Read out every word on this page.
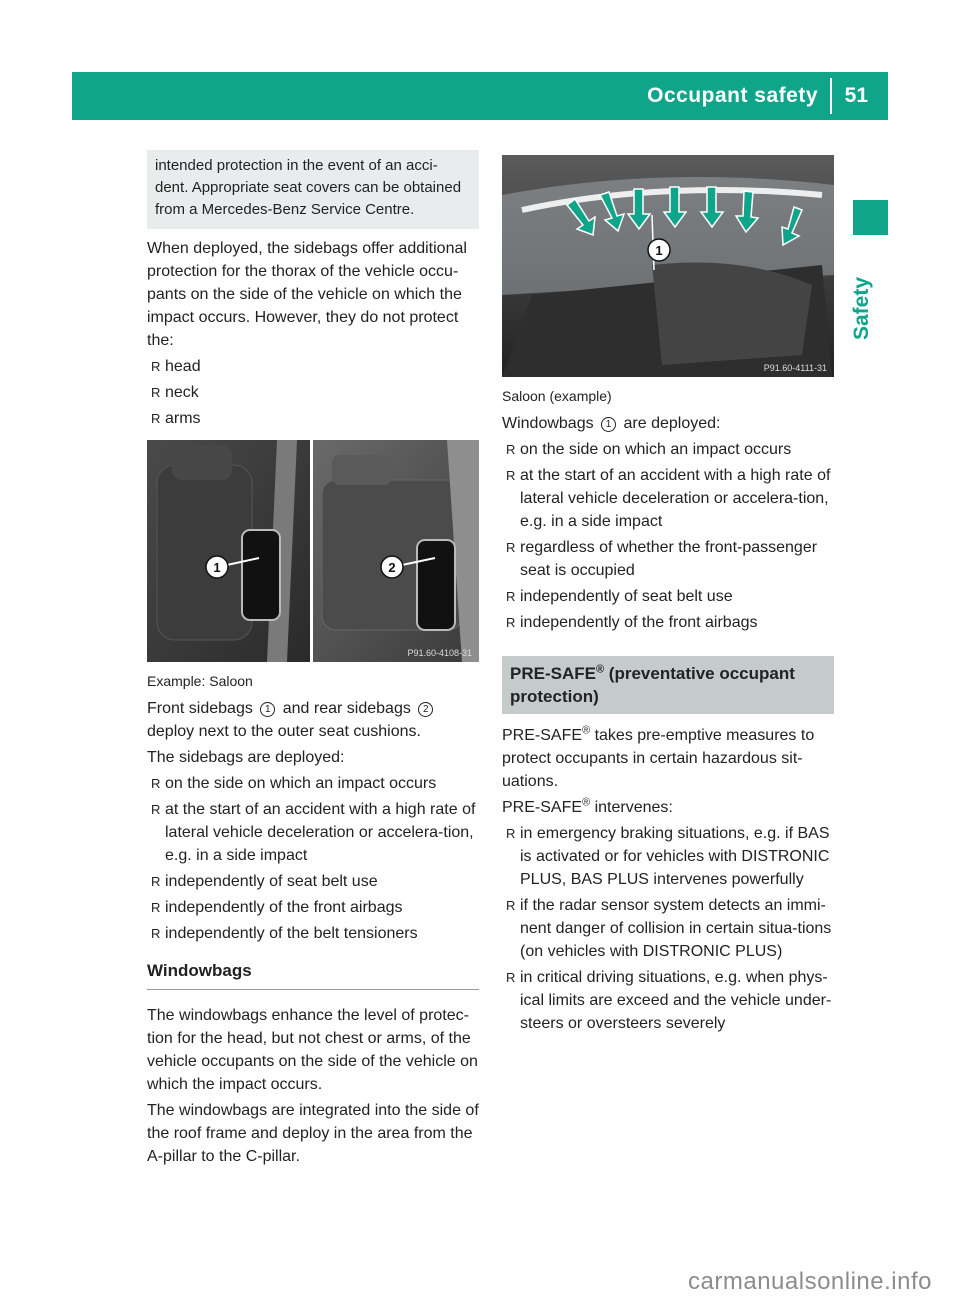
Occupant safety 51
Safety
intended protection in the event of an acci-dent. Appropriate seat covers can be obtained from a Mercedes-Benz Service Centre.

When deployed, the sidebags offer additional protection for the thorax of the vehicle occu-pants on the side of the vehicle on which the impact occurs. However, they do not protect the:

R head
R neck
R arms
1	2
P91.60-4108-31
Example: Saloon

Front sidebags 1 and rear sidebags 2 deploy next to the outer seat cushions.

The sidebags are deployed:

R on the side on which an impact occurs
R at the start of an accident with a high rate of lateral vehicle deceleration or accelera-tion, e.g. in a side impact
R independently of seat belt use
R independently of the front airbags
R independently of the belt tensioners
Windowbags

The windowbags enhance the level of protec-tion for the head, but not chest or arms, of the vehicle occupants on the side of the vehicle on which the impact occurs.

The windowbags are integrated into the side of the roof frame and deploy in the area from the A-pillar to the C-pillar.

1
P91.60-4111-31
Saloon (example)

Windowbags 1 are deployed:

R on the side on which an impact occurs
R at the start of an accident with a high rate of lateral vehicle deceleration or accelera-tion, e.g. in a side impact
R regardless of whether the front-passenger seat is occupied
R independently of seat belt use
R independently of the front airbags
PRE-SAFE® (preventative occupant protection)

PRE-SAFE® takes pre-emptive measures to protect occupants in certain hazardous sit-uations.

PRE-SAFE® intervenes:

R in emergency braking situations, e.g. if BAS is activated or for vehicles with DISTRONIC PLUS, BAS PLUS intervenes powerfully
R if the radar sensor system detects an immi-nent danger of collision in certain situa-tions (on vehicles with DISTRONIC PLUS)
R in critical driving situations, e.g. when phys-ical limits are exceed and the vehicle under-steers or oversteers severely
carmanualsonline.info
